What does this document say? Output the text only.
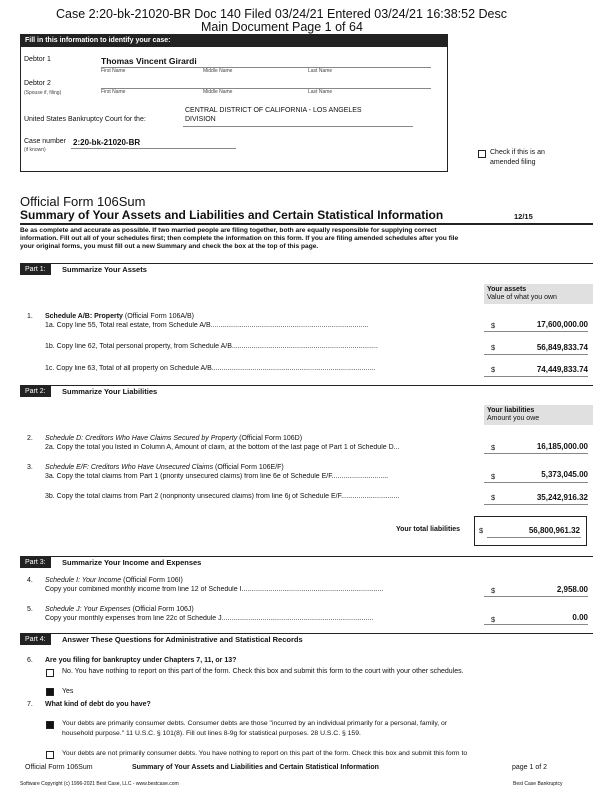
Case 2:20-bk-21020-BR Doc 140 Filed 03/24/21 Entered 03/24/21 16:38:52 Desc
Main Document Page 1 of 64
Fill in this information to identify your case:
Debtor 1	Thomas Vincent Girardi
First Name	Middle Name	Last Name
Debtor 2
(Spouse if, filing)	First Name	Middle Name	Last Name
United States Bankruptcy Court for the:
CENTRAL DISTRICT OF CALIFORNIA - LOS ANGELES
DIVISION
Case number
(if known)
2:20-bk-21020-BR
Check if this is an
amended filing
Official Form 106Sum
Summary of Your Assets and Liabilities and Certain Statistical Information	12/15
Be as complete and accurate as possible. If two married people are filing together, both are equally responsible for supplying correct
information. Fill out all of your schedules first; then complete the information on this form. If you are filing amended schedules after you file
your original forms, you must fill out a new Summary and check the box at the top of this page.
Part 1:	Summarize Your Assets
Your assets
Value of what you own
1. Schedule A/B: Property (Official Form 106A/B)
1a. Copy line 55, Total real estate, from Schedule A/B.................................................................................	$	17,600,000.00
1b. Copy line 62, Total personal property, from Schedule A/B...........................................................................	$	56,849,833.74
1c. Copy line 63, Total of all property on Schedule A/B....................................................................................	$	74,449,833.74
Part 2:	Summarize Your Liabilities
Your liabilities
Amount you owe
2. Schedule D: Creditors Who Have Claims Secured by Property (Official Form 106D)
2a. Copy the total you listed in Column A, Amount of claim, at the bottom of the last page of Part 1 of Schedule D...	$	16,185,000.00
3. Schedule E/F: Creditors Who Have Unsecured Claims (Official Form 106E/F)
3a. Copy the total claims from Part 1 (priority unsecured claims) from line 6e of Schedule E/F.............................	$	5,373,045.00
3b. Copy the total claims from Part 2 (nonpriority unsecured claims) from line 6j of Schedule E/F..............................	$	35,242,916.32
Your total liabilities	$	56,800,961.32
Part 3:	Summarize Your Income and Expenses
4. Schedule I: Your Income (Official Form 106I)
Copy your combined monthly income from line 12 of Schedule I.........................................................................	$	2,958.00
5. Schedule J: Your Expenses (Official Form 106J)
Copy your monthly expenses from line 22c of Schedule J..............................................................................	$	0.00
Part 4:	Answer These Questions for Administrative and Statistical Records
6. Are you filing for bankruptcy under Chapters 7, 11, or 13?
No. You have nothing to report on this part of the form. Check this box and submit this form to the court with your other schedules.
Yes
7. What kind of debt do you have?
Your debts are primarily consumer debts. Consumer debts are those "incurred by an individual primarily for a personal, family, or
household purpose." 11 U.S.C. § 101(8). Fill out lines 8-9g for statistical purposes. 28 U.S.C. § 159.
Your debts are not primarily consumer debts. You have nothing to report on this part of the form. Check this box and submit this form to
Official Form 106Sum	Summary of Your Assets and Liabilities and Certain Statistical Information	page 1 of 2
Software Copyright (c) 1996-2021 Best Case, LLC - www.bestcase.com	Best Case Bankruptcy
